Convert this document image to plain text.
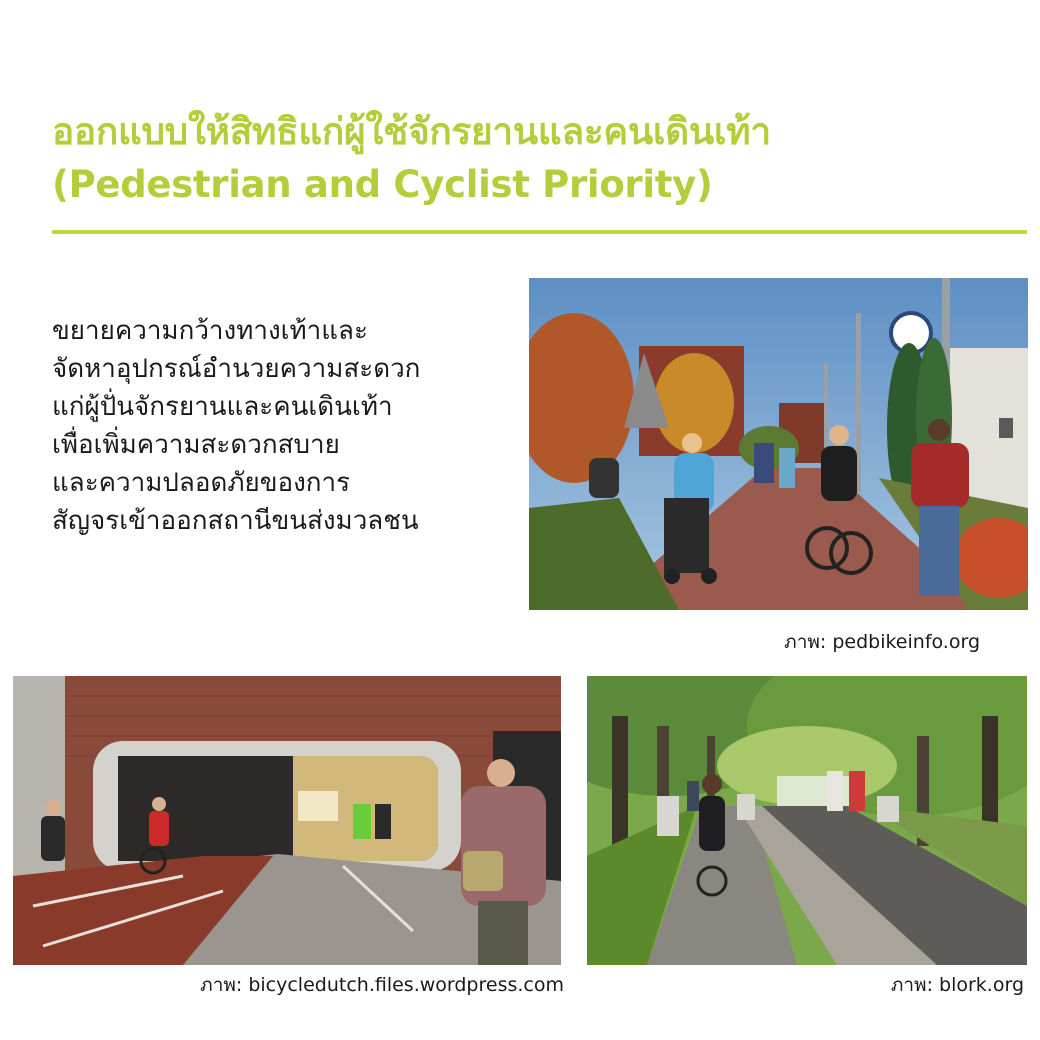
ออกแบบให้สิทธิแก่ผู้ใช้จักรยานและคนเดินเท้า
(Pedestrian and Cyclist Priority)
ขยายความกว้างทางเท้าและ
จัดหาอุปกรณ์อำนวยความสะดวก
แก่ผู้ปั่นจักรยานและคนเดินเท้า
เพื่อเพิ่มความสะดวกสบาย
และความปลอดภัยของการ
สัญจรเข้าออกสถานีขนส่งมวลชน
ภาพ: pedbikeinfo.org
ภาพ: bicycledutch.files.wordpress.com	ภาพ: blork.org
